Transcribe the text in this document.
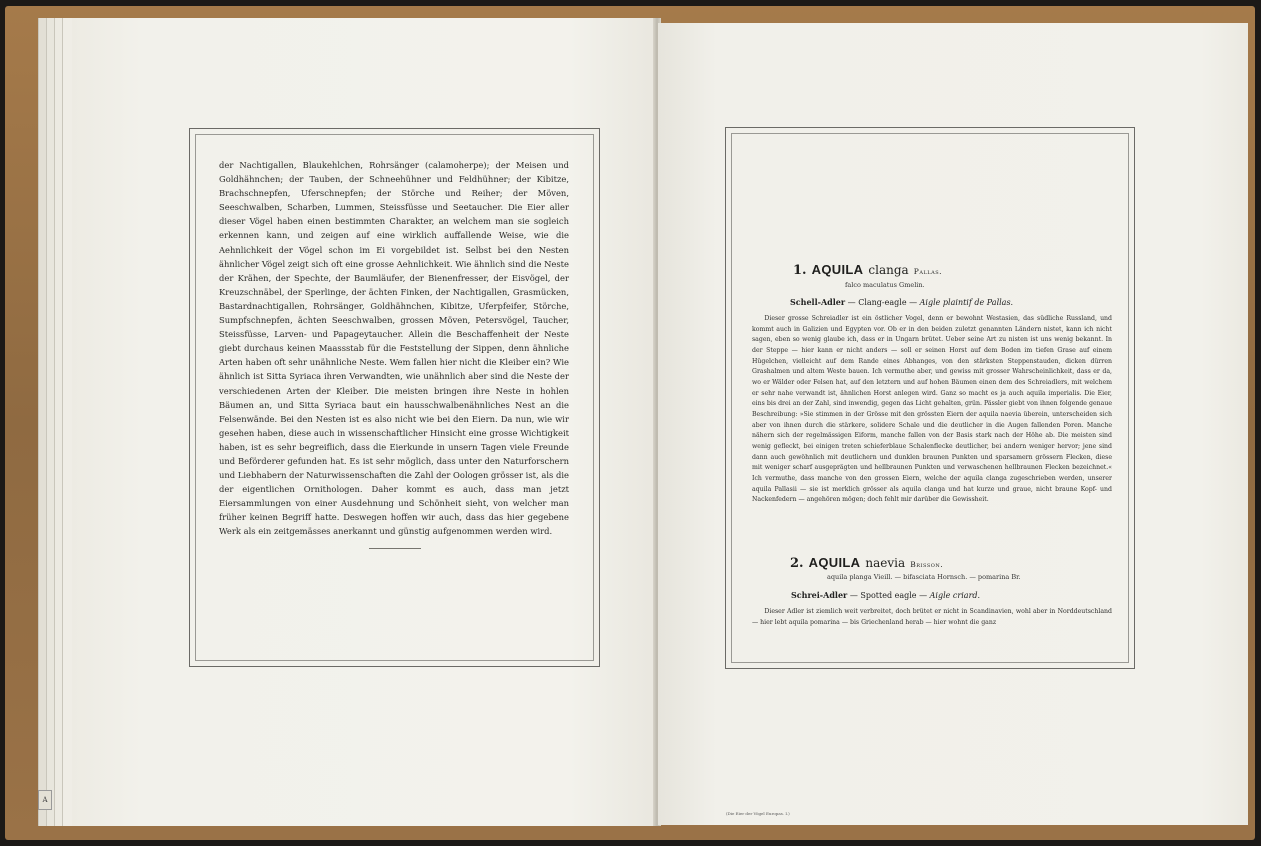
A

der Nachtigallen, Blaukehlchen, Rohrsänger (calamoherpe); der Meisen und Goldhähnchen; der Tauben, der Schneehühner und Feldhühner; der Kibitze, Brachschnepfen, Uferschnepfen; der Störche und Reiher; der Möven, Seeschwalben, Scharben, Lummen, Steissfüsse und Seetaucher. Die Eier aller dieser Vögel haben einen bestimmten Charakter, an welchem man sie sogleich erkennen kann, und zeigen auf eine wirklich auffallende Weise, wie die Aehnlichkeit der Vögel schon im Ei vorgebildet ist. Selbst bei den Nesten ähnlicher Vögel zeigt sich oft eine grosse Aehnlichkeit. Wie ähnlich sind die Neste der Krähen, der Spechte, der Baumläufer, der Bienenfresser, der Eisvögel, der Kreuzschnäbel, der Sperlinge, der ächten Finken, der Nachtigallen, Grasmücken, Bastardnachtigallen, Rohrsänger, Goldhähnchen, Kibitze, Uferpfeifer, Störche, Sumpfschnepfen, ächten Seeschwalben, grossen Möven, Petersvögel, Taucher, Steissfüsse, Larven- und Papageytaucher. Allein die Beschaffenheit der Neste giebt durchaus keinen Maassstab für die Feststellung der Sippen, denn ähnliche Arten haben oft sehr unähnliche Neste. Wem fallen hier nicht die Kleiber ein? Wie ähnlich ist Sitta Syriaca ihren Verwandten, wie unähnlich aber sind die Neste der verschiedenen Arten der Kleiber. Die meisten bringen ihre Neste in hohlen Bäumen an, und Sitta Syriaca baut ein hausschwalbenähnliches Nest an die Felsenwände. Bei den Nesten ist es also nicht wie bei den Eiern. Da nun, wie wir gesehen haben, diese auch in wissenschaftlicher Hinsicht eine grosse Wichtigkeit haben, ist es sehr begreiflich, dass die Eierkunde in unsern Tagen viele Freunde und Beförderer gefunden hat. Es ist sehr möglich, dass unter den Naturforschern und Liebhabern der Naturwissenschaften die Zahl der Oologen grösser ist, als die der eigentlichen Ornithologen. Daher kommt es auch, dass man jetzt Eiersammlungen von einer Ausdehnung und Schönheit sieht, von welcher man früher keinen Begriff hatte. Deswegen hoffen wir auch, dass das hier gegebene Werk als ein zeitgemässes anerkannt und günstig aufgenommen werden wird.

1. AQUILA clanga Pallas.
falco maculatus Gmelin.
Schell-Adler — Clang-eagle — Aigle plaintif de Pallas.

Dieser grosse Schreiadler ist ein östlicher Vogel, denn er bewohnt Westasien, das südliche Russland, und kommt auch in Galizien und Egypten vor. Ob er in den beiden zuletzt genannten Ländern nistet, kann ich nicht sagen, eben so wenig glaube ich, dass er in Ungarn brütet. Ueber seine Art zu nisten ist uns wenig bekannt. In der Steppe — hier kann er nicht anders — soll er seinen Horst auf dem Boden im tiefen Grase auf einem Hügelchen, vielleicht auf dem Rande eines Abhanges, von den stärksten Steppenstauden, dicken dürren Grashalmen und altem Weste bauen. Ich vermuthe aber, und gewiss mit grosser Wahrscheinlichkeit, dass er da, wo er Wälder oder Felsen hat, auf den letztern und auf hohen Bäumen einen dem des Schreiadlers, mit welchem er sehr nahe verwandt ist, ähnlichen Horst anlegen wird. Ganz so macht es ja auch aquila imperialis. Die Eier, eins bis drei an der Zahl, sind inwendig, gegen das Licht gehalten, grün. Pässler giebt von ihnen folgende genaue Beschreibung: »Sie stimmen in der Grösse mit den grössten Eiern der aquila naevia überein, unterscheiden sich aber von ihnen durch die stärkere, solidere Schale und die deutlicher in die Augen fallenden Poren. Manche nähern sich der regelmässigen Eiform, manche fallen von der Basis stark nach der Höhe ab. Die meisten sind wenig gefleckt, bei einigen treten schieferblaue Schalenflecke deutlicher, bei andern weniger hervor; jene sind dann auch gewöhnlich mit deutlichern und dunklen braunen Punkten und sparsamern grössern Flecken, diese mit weniger scharf ausgeprägten und hellbraunen Punkten und verwaschenen hellbraunen Flecken bezeichnet.« Ich vermuthe, dass manche von den grossen Eiern, welche der aquila clanga zugeschrieben werden, unserer aquila Pallasii — sie ist merklich grösser als aquila clanga und hat kurze und graue, nicht braune Kopf- und Nackenfedern — angehören mögen; doch fehlt mir darüber die Gewissheit.

2. AQUILA naevia Brisson.
aquila planga Vieill. — bifasciata Hornsch. — pomarina Br.
Schrei-Adler — Spotted eagle — Aigle criard.

Dieser Adler ist ziemlich weit verbreitet, doch brütet er nicht in Scandinavien, wohl aber in Norddeutschland — hier lebt aquila pomarina — bis Griechenland herab — hier wohnt die ganz

(Die Eier der Vögel Europas. I.)
